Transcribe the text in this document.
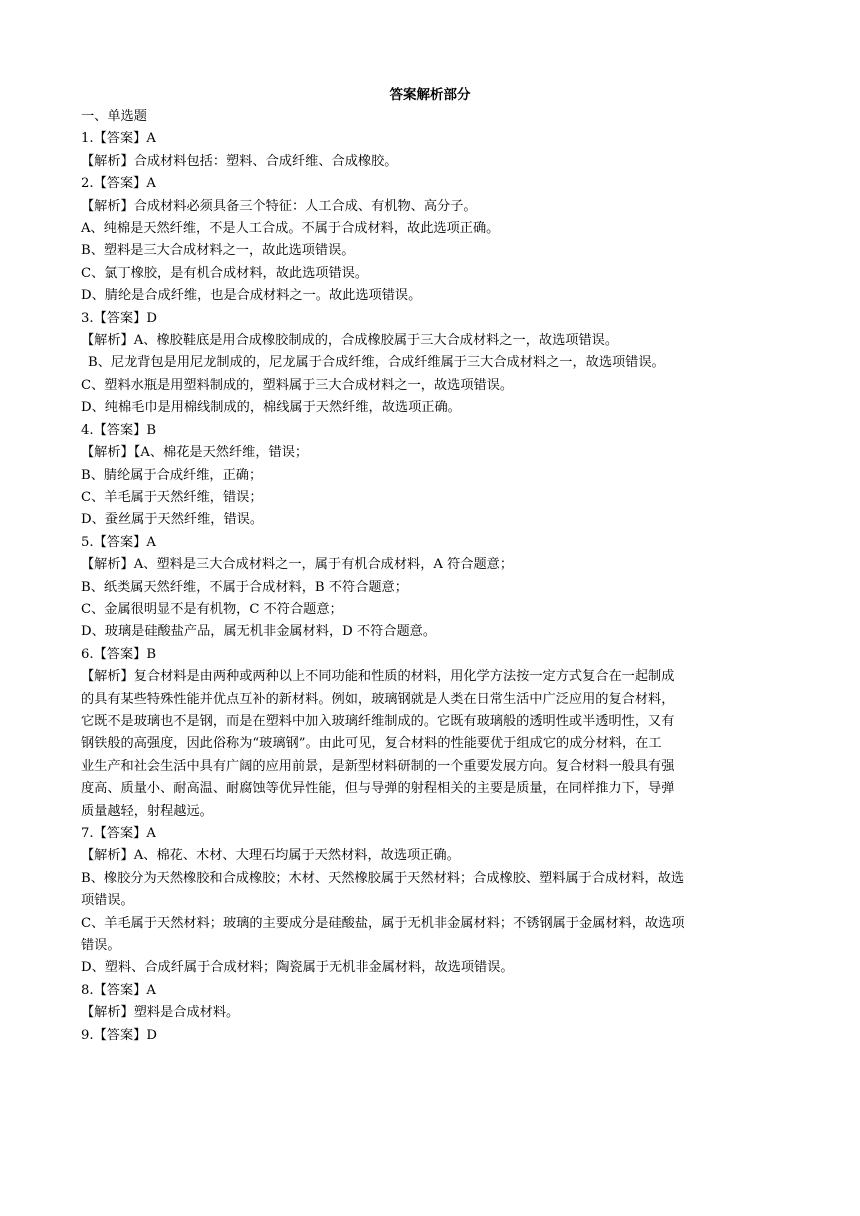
答案解析部分
一、单选题
1.【答案】A
【解析】合成材料包括：塑料、合成纤维、合成橡胶。
2.【答案】A
【解析】合成材料必须具备三个特征：人工合成、有机物、高分子。
A、纯棉是天然纤维，不是人工合成。不属于合成材料，故此选项正确。
B、塑料是三大合成材料之一，故此选项错误。
C、氯丁橡胶，是有机合成材料，故此选项错误。
D、腈纶是合成纤维，也是合成材料之一。故此选项错误。
3.【答案】D
【解析】A、橡胶鞋底是用合成橡胶制成的，合成橡胶属于三大合成材料之一，故选项错误。
B、尼龙背包是用尼龙制成的，尼龙属于合成纤维，合成纤维属于三大合成材料之一，故选项错误。
C、塑料水瓶是用塑料制成的，塑料属于三大合成材料之一，故选项错误。
D、纯棉毛巾是用棉线制成的，棉线属于天然纤维，故选项正确。
4.【答案】B
【解析】【A、棉花是天然纤维，错误；
B、腈纶属于合成纤维，正确；
C、羊毛属于天然纤维，错误；
D、蚕丝属于天然纤维，错误。
5.【答案】A
【解析】A、塑料是三大合成材料之一，属于有机合成材料，A 符合题意；
B、纸类属天然纤维，不属于合成材料，B 不符合题意；
C、金属很明显不是有机物，C 不符合题意；
D、玻璃是硅酸盐产品，属无机非金属材料，D 不符合题意。
6.【答案】B
【解析】复合材料是由两种或两种以上不同功能和性质的材料，用化学方法按一定方式复合在一起制成
的具有某些特殊性能并优点互补的新材料。例如，玻璃钢就是人类在日常生活中广泛应用的复合材料，
它既不是玻璃也不是钢，而是在塑料中加入玻璃纤维制成的。它既有玻璃般的透明性或半透明性，又有
钢铁般的高强度，因此俗称为“玻璃钢”。由此可见，复合材料的性能要优于组成它的成分材料，在工
业生产和社会生活中具有广阔的应用前景，是新型材料研制的一个重要发展方向。复合材料一般具有强
度高、质量小、耐高温、耐腐蚀等优异性能，但与导弹的射程相关的主要是质量，在同样推力下，导弹
质量越轻，射程越远。
7.【答案】A
【解析】A、棉花、木材、大理石均属于天然材料，故选项正确。
B、橡胶分为天然橡胶和合成橡胶；木材、天然橡胶属于天然材料；合成橡胶、塑料属于合成材料，故选
项错误。
C、羊毛属于天然材料；玻璃的主要成分是硅酸盐，属于无机非金属材料；不锈钢属于金属材料，故选项
错误。
D、塑料、合成纤属于合成材料；陶瓷属于无机非金属材料，故选项错误。
8.【答案】A
【解析】塑料是合成材料。
9.【答案】D
